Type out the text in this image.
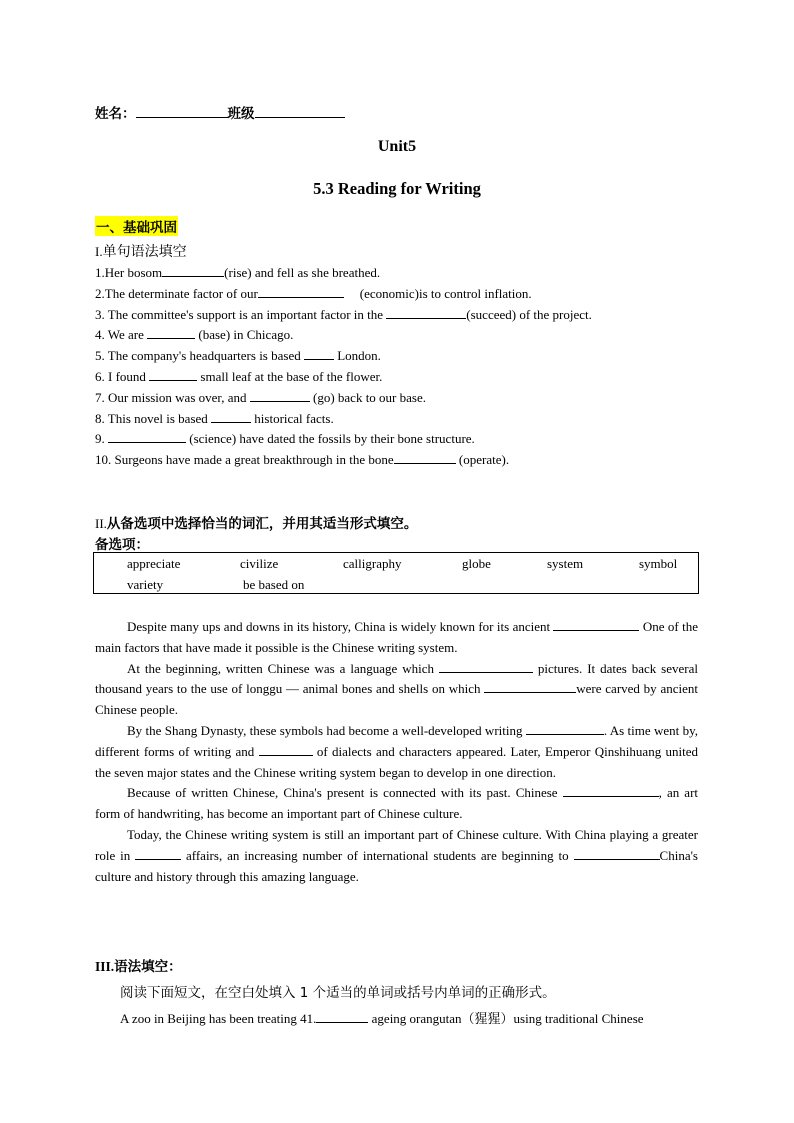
姓名：	班级
Unit5
5.3 Reading for Writing
一、基础巩固
I.单句语法填空
1.Her bosom	(rise) and fell as she breathed.
2.The determinate factor of our	(economic)is to control inflation.
3. The committee's support is an important factor in the	(succeed) of the project.
4. We are	(base) in Chicago.
5. The company's headquarters is based  London.
6. I found	small leaf at the base of the flower.
7. Our mission was over, and	(go) back to our base.
8. This novel is based	historical facts.
9.	(science) have dated the fossils by their bone structure.
10. Surgeons have made a great breakthrough in the bone	(operate).
II.从备选项中选择恰当的词汇，并用其适当形式填空。
备选项：
appreciate	civilize	calligraphy	globe	system	symbol
variety	be based on

Despite many ups and downs in its history, China is widely known for its ancient	One of the main factors that have made it possible is the Chinese writing system.

At the beginning, written Chinese was a language which	pictures. It dates back several thousand years to the use of longgu — animal bones and shells on which	were carved by ancient Chinese people.

By the Shang Dynasty, these symbols had become a well-developed writing	. As time went by, different forms of writing and	of dialects and characters appeared. Later, Emperor Qinshihuang united the seven major states and the Chinese writing system began to develop in one direction.

Because of written Chinese, China's present is connected with its past. Chinese	, an art form of handwriting, has become an important part of Chinese culture.

Today, the Chinese writing system is still an important part of Chinese culture. With China playing a greater role in	affairs, an increasing number of international students are beginning to	China's culture and history through this amazing language.

III.语法填空：
阅读下面短文，在空白处填入 1 个适当的单词或括号内单词的正确形式。
A zoo in Beijing has been treating 41.	ageing orangutan（猩猩）using traditional Chinese
